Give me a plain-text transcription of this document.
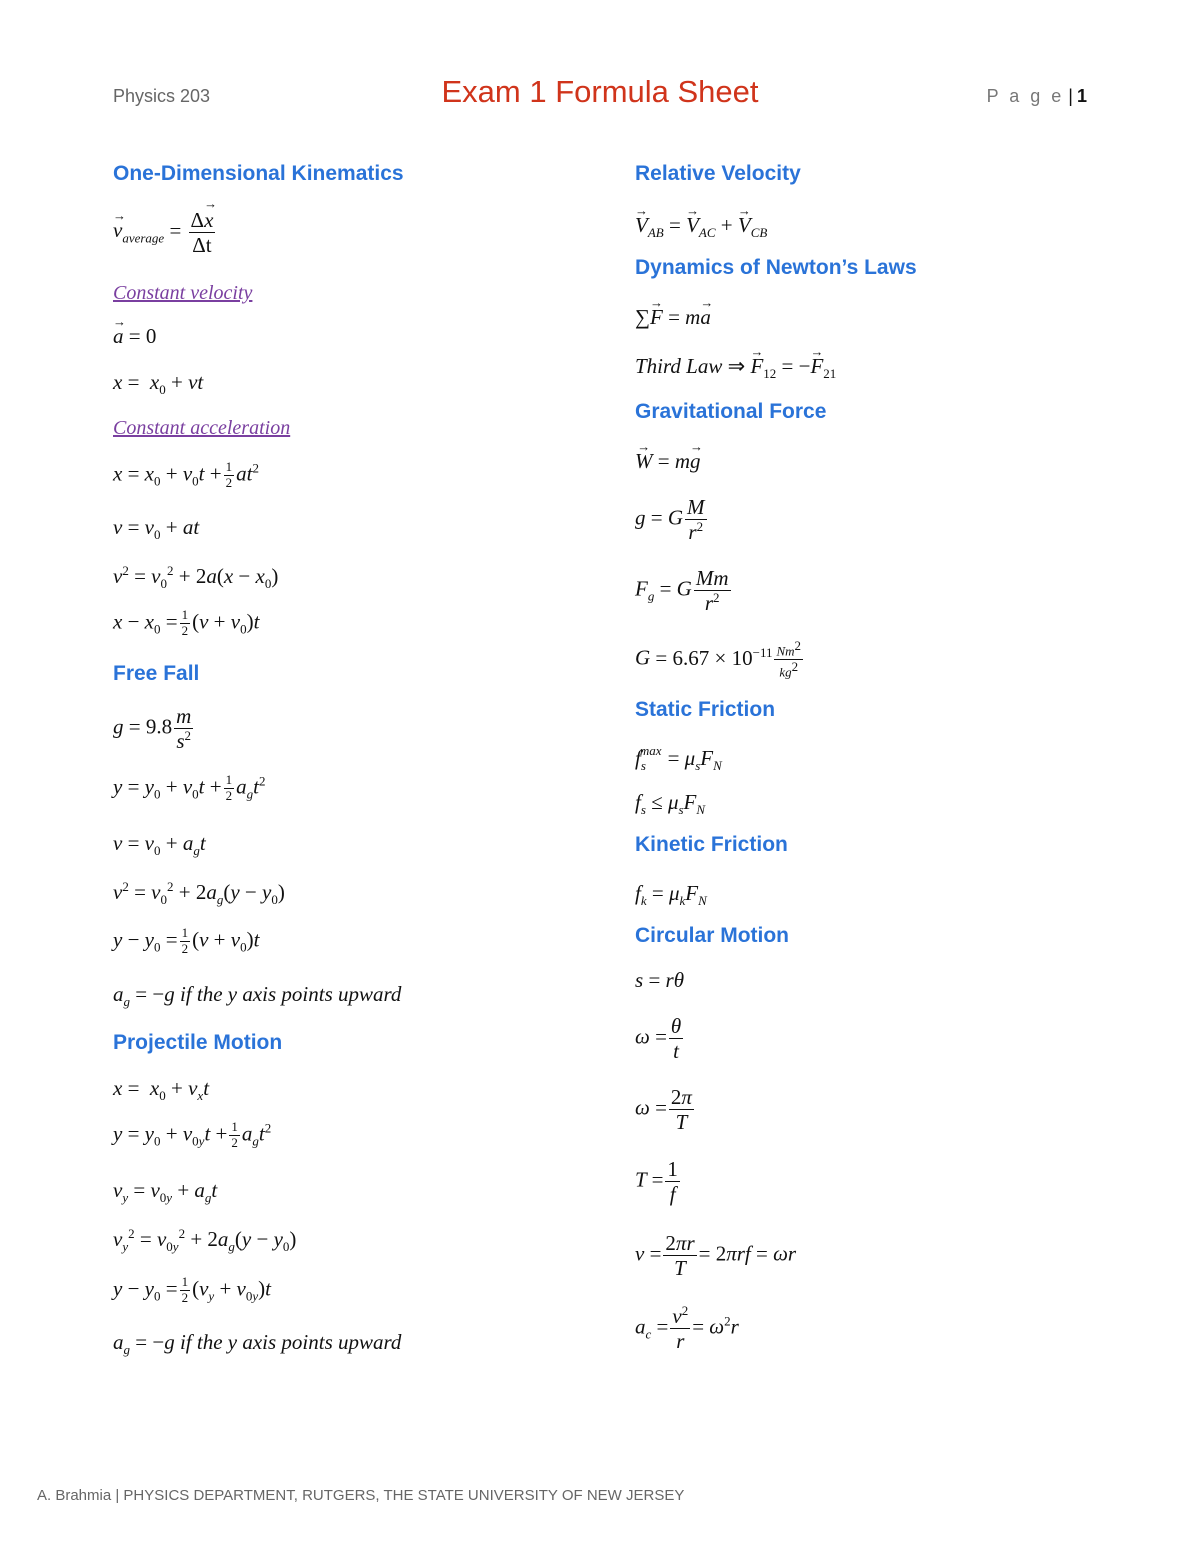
Physics 203	Exam 1 Formula Sheet	P a g e | 1
One-Dimensional Kinematics
→ $v_{average} = \frac{\Delta\to x}{\Delta t}$
Constant velocity
→ a = 0
$x = x_0$ + vt
Constant acceleration
$x = x_0 + v_0t + \frac{1}{2} at^2$
$v = v_0$ + at
$v^2 = v_0^2 + 2a(x - x_0)$
$x - x_0 = \frac{1}{2} (v + v_0)t$
Free Fall
$g = 9.8 \frac{m}{s^2}$
$y = y_0 + v_0t + \frac{1}{2} a_gt^2$
$v = v_0 + a_gt$
$v^2 = v_0^2 + 2a_g(y - y_0)$
$y - y_0 = \frac{1}{2} (v + v_0)t$
$a_g = -g$ if the y axis points upward
Projectile Motion
$x = x_0 + v_xt$
$y = y_0 + v_{0y}t + \frac{1}{2} a_gt^2$
$v_y = v_{0y} + a_gt$
$v_y^2 = v_{0y}^2 + 2a_g(y - y_0)$
$y - y_0 = \frac{1}{2} (v_y + v_{0y})t$
$a_g = -g$ if the y axis points upward
Relative Velocity
→ $V_{AB}$ = → $V_{AC}$ + → $V_{CB}$
Dynamics of Newton’s Laws
∑→ F = m→ a
Third Law ⇒ → $F_{12}$ = −→ $F_{21}$
Gravitational Force
→ W = m→ g
g = G $\frac{M}{r^2}$
$F_g = G \frac{Mm}{r^2}$
$G = 6.67 \times 10^{-11} \frac{Nm^2}{kg^2}$
Static Friction
$f_s^{max} = \mu_sF_N$
$f_s \le \mu_sF_N$
Kinetic Friction
$f_k = \mu_kF_N$
Circular Motion
s = rθ
$\omega = \frac{\theta}{t}$
$\omega = \frac{2\pi}{T}$
$T = \frac{1}{f}$
$v = \frac{2\pi r}{T} = 2\pi rf = \omega r$
$a_c = \frac{v^2}{r} = \omega^2r$
A. Brahmia | PHYSICS DEPARTMENT, RUTGERS, THE STATE UNIVERSITY OF NEW JERSEY
